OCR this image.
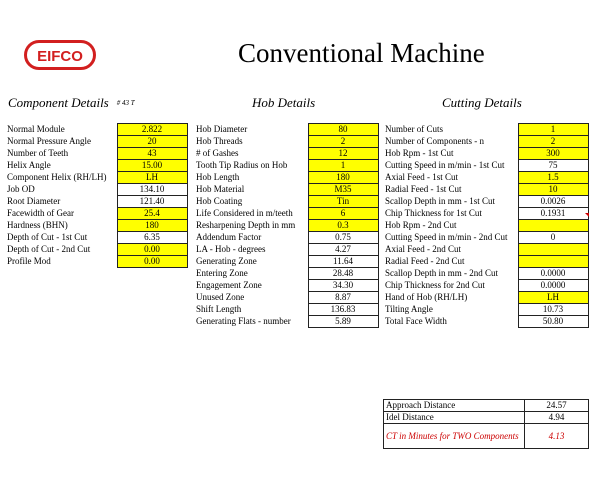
EIFCO	Conventional Machine
Component Details # 43 T	Hob Details	Cutting Details
Normal Module	2.822
Normal Pressure Angle	20
Number of Teeth	43
Helix Angle	15.00
Component Helix (RH/LH)	LH
Job OD	134.10
Root Diameter	121.40
Facewidth of Gear	25.4
Hardness (BHN)	180
Depth of Cut - 1st Cut	6.35
Depth of Cut - 2nd Cut	0.00
Profile Mod	0.00
Hob Diameter	80
Hob Threads	2
# of Gashes	12
Tooth Tip Radius on Hob	1
Hob Length	180
Hob Material	M35
Hob Coating	Tin
Life Considered in m/teeth	6
Resharpening Depth in mm	0.3
Addendum Factor	0.75
LA - Hob - degrees	4.27
Generating Zone	11.64
Entering Zone	28.48
Engagement Zone	34.30
Unused Zone	8.87
Shift Length	136.83
Generating Flats - number	5.89
Number of Cuts	1
Number of Components - n	2
Hob Rpm - 1st Cut	300
Cutting Speed in m/min - 1st Cut	75
Axial Feed - 1st Cut	1.5
Radial Feed - 1st Cut	10
Scallop Depth in mm - 1st Cut	0.0026
Chip Thickness for 1st Cut	0.1931
Hob Rpm - 2nd Cut	
Cutting Speed in m/min - 2nd Cut	0
Axial Feed - 2nd Cut	
Radial Feed - 2nd Cut	
Scallop Depth in mm - 2nd Cut	0.0000
Chip Thickness for 2nd Cut	0.0000
Hand of Hob (RH/LH)	LH
Tilting Angle	10.73
Total Face Width	50.80
Approach Distance	24.57
Idel Distance	4.94
CT in Minutes for TWO Components	4.13
